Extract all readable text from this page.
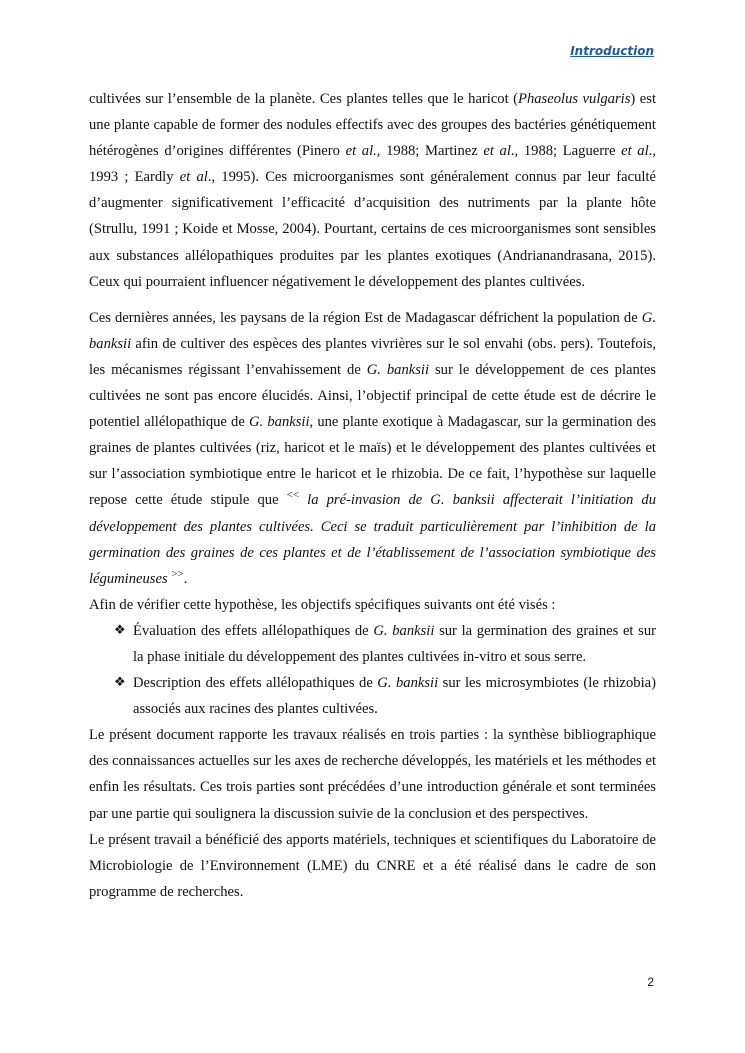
Introduction

cultivées sur l’ensemble de la planète. Ces plantes telles que le haricot (Phaseolus vulgaris) est une plante capable de former des nodules effectifs avec des groupes des bactéries génétiquement hétérogènes d’origines différentes (Pinero et al., 1988; Martinez et al., 1988; Laguerre et al., 1993 ; Eardly et al., 1995). Ces microorganismes sont généralement connus par leur faculté d’augmenter significativement l’efficacité d’acquisition des nutriments par la plante hôte (Strullu, 1991 ; Koide et Mosse, 2004). Pourtant, certains de ces microorganismes sont sensibles aux substances allélopathiques produites par les plantes exotiques (Andrianandrasana, 2015). Ceux qui pourraient influencer négativement le développement des plantes cultivées.

Ces dernières années, les paysans de la région Est de Madagascar défrichent la population de G. banksii afin de cultiver des espèces des plantes vivrières sur le sol envahi (obs. pers). Toutefois, les mécanismes régissant l’envahissement de G. banksii sur le développement de ces plantes cultivées ne sont pas encore élucidés. Ainsi, l’objectif principal de cette étude est de décrire le potentiel allélopathique de G. banksii, une plante exotique à Madagascar, sur la germination des graines de plantes cultivées (riz, haricot et le maïs) et le développement des plantes cultivées et sur l’association symbiotique entre le haricot et le rhizobia. De ce fait, l’hypothèse sur laquelle repose cette étude stipule que << la pré-invasion de G. banksii affecterait l’initiation du développement des plantes cultivées. Ceci se traduit particulièrement par l’inhibition de la germination des graines de ces plantes et de l’établissement de l’association symbiotique des légumineuses >>.

Afin de vérifier cette hypothèse, les objectifs spécifiques suivants ont été visés :

❖ Évaluation des effets allélopathiques de G. banksii sur la germination des graines et sur la phase initiale du développement des plantes cultivées in-vitro et sous serre.
❖ Description des effets allélopathiques de G. banksii sur les microsymbiotes (le rhizobia) associés aux racines des plantes cultivées.

Le présent document rapporte les travaux réalisés en trois parties : la synthèse bibliographique des connaissances actuelles sur les axes de recherche développés, les matériels et les méthodes et enfin les résultats. Ces trois parties sont précédées d’une introduction générale et sont terminées par une partie qui soulignera la discussion suivie de la conclusion et des perspectives.

Le présent travail a bénéficié des apports matériels, techniques et scientifiques du Laboratoire de Microbiologie de l’Environnement (LME) du CNRE et a été réalisé dans le cadre de son programme de recherches.

2
